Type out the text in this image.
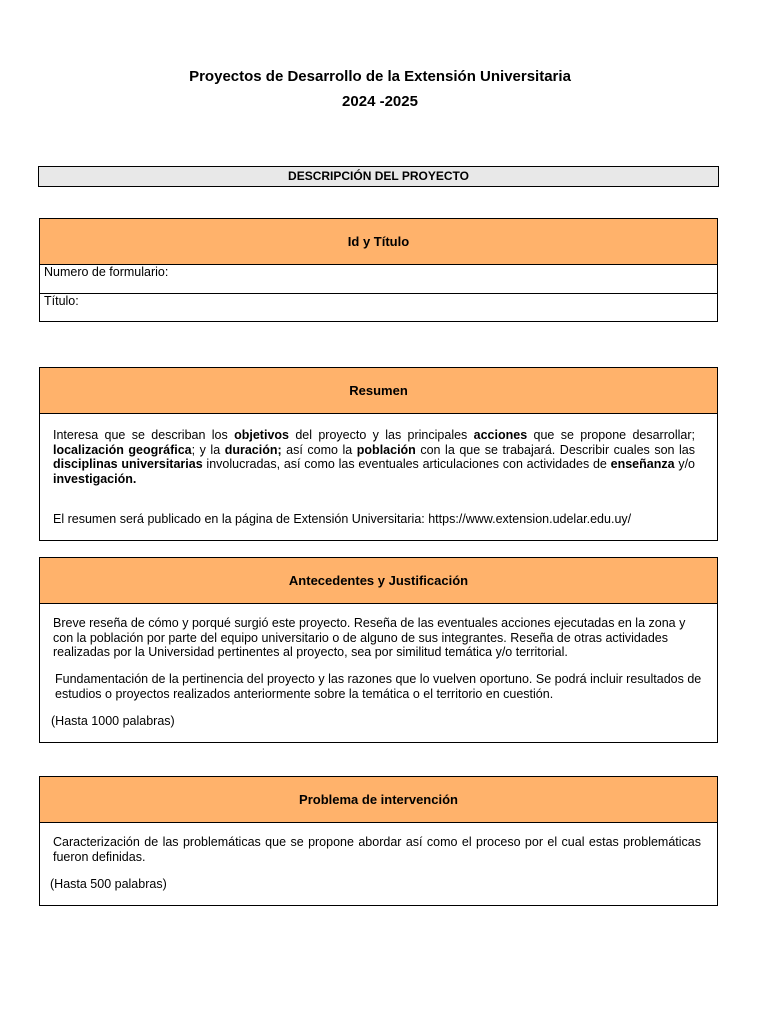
Proyectos de Desarrollo de la Extensión Universitaria
2024 -2025
DESCRIPCIÓN DEL PROYECTO
Id y Título
Numero de formulario:
Título:
Resumen
Interesa que se describan los objetivos del proyecto y las principales acciones que se propone desarrollar; localización geográfica; y la duración; así como la población con la que se trabajará. Describir cuales son las disciplinas universitarias involucradas, así como las eventuales articulaciones con actividades de enseñanza y/o investigación.
El resumen será publicado en la página de Extensión Universitaria: https://www.extension.udelar.edu.uy/
Antecedentes y Justificación
Breve reseña de cómo y porqué surgió este proyecto. Reseña de las eventuales acciones ejecutadas en la zona y con la población por parte del equipo universitario o de alguno de sus integrantes. Reseña de otras actividades realizadas por la Universidad pertinentes al proyecto, sea por similitud temática y/o territorial.
Fundamentación de la pertinencia del proyecto y las razones que lo vuelven oportuno. Se podrá incluir resultados de estudios o proyectos realizados anteriormente sobre la temática o el territorio en cuestión.
(Hasta 1000 palabras)
Problema de intervención
Caracterización de las problemáticas que se propone abordar así como el proceso por el cual estas problemáticas fueron definidas.
(Hasta 500 palabras)
